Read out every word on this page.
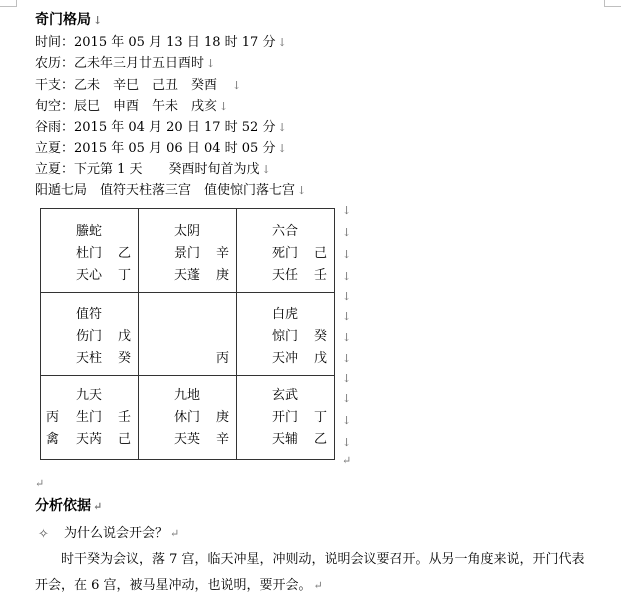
奇门格局 ↓
时间：2015 年 05 月 13 日 18 时 17 分 ↓
农历：乙未年三月廿五日酉时 ↓
干支：乙未　辛巳　己丑　癸酉　↓
旬空：辰巳　申酉　午未　戌亥 ↓
谷雨：2015 年 04 月 20 日 17 时 52 分 ↓
立夏：2015 年 05 月 06 日 04 时 05 分 ↓
立夏：下元第 1 天　　癸酉时旬首为戊 ↓
阳遁七局　值符天柱落三宫　值使惊门落七宫 ↓
螣蛇
杜门 乙
天心 丁
太阴
景门 辛
天蓬 庚
六合
死门 己
天任 壬
值符
伤门 戊
天柱 癸	丙
白虎
惊门 癸
天冲 戊
丙
禽
九天
生门 壬
天芮 己
九地
休门 庚
天英 辛
玄武
开门 丁
天辅 乙
↓
↓
↓
↓
↓
↓
↓
↓
↓
↓
↓
↓
↵
↵
分析依据 ↵
✧ 为什么说会开会？ ↵
时干癸为会议，落 7 宫，临天冲星，冲则动，说明会议要召开。从另一角度来说，开门代表开会，在 6 宫，被马星冲动，也说明，要开会。 ↵
